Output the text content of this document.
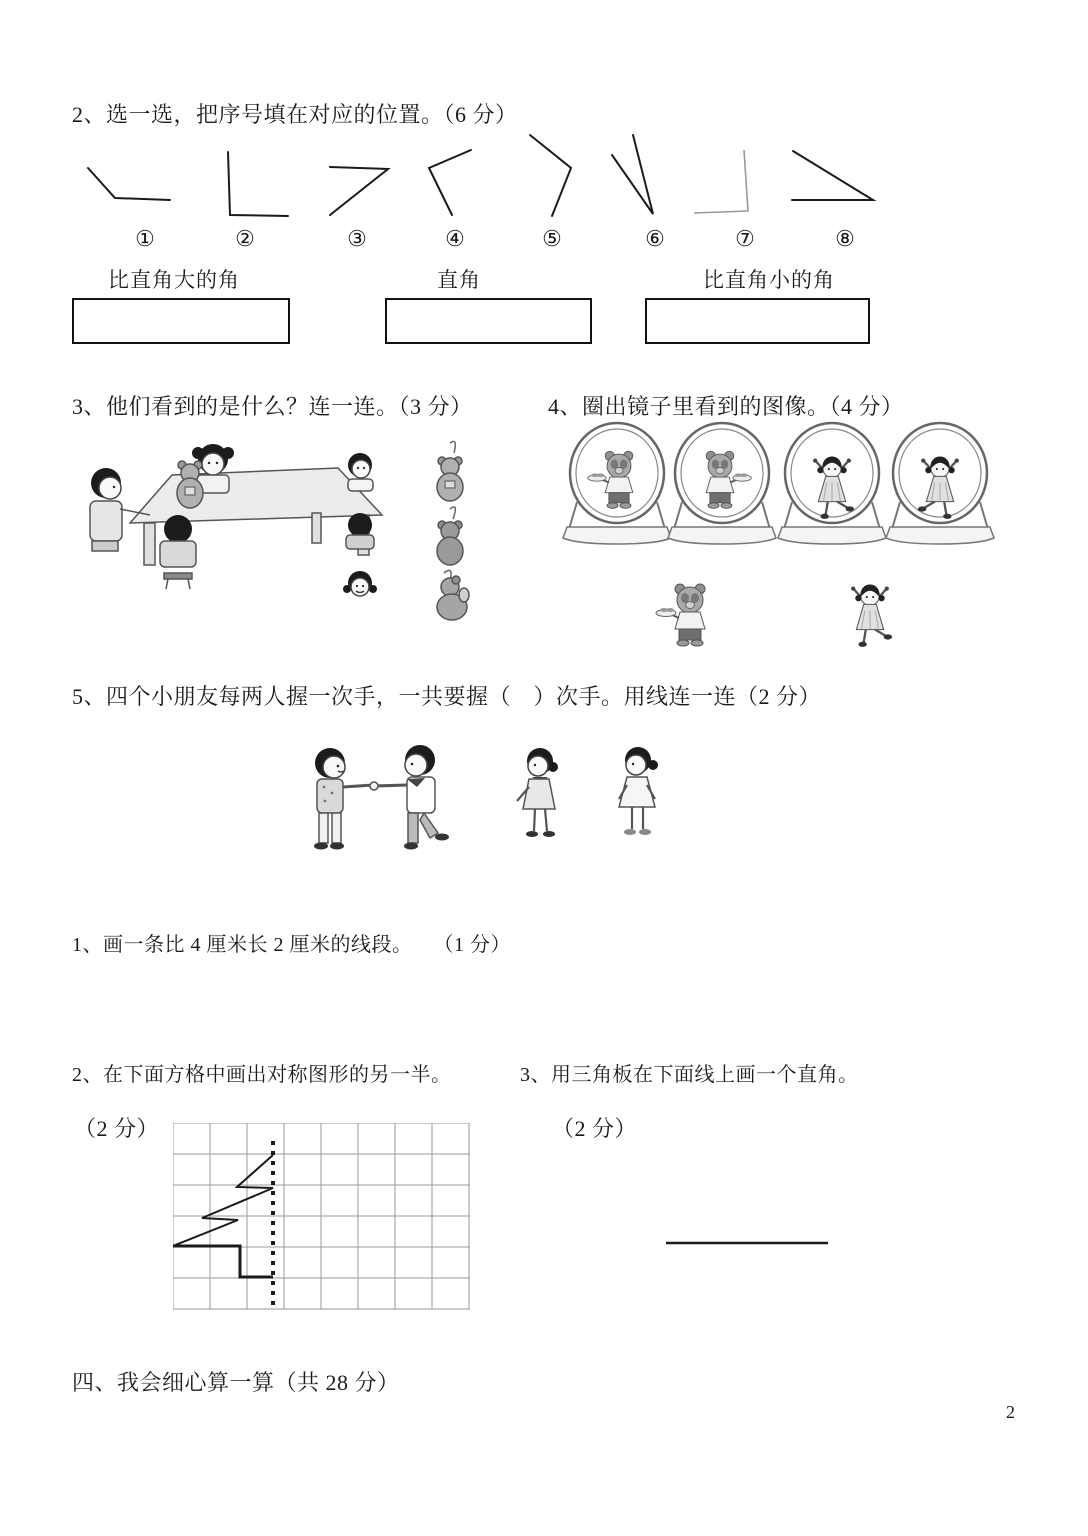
2、选一选，把序号填在对应的位置。（6 分）
①	②	③	④	⑤	⑥	⑦	⑧
比直角大的角	直角	比直角小的角
3、他们看到的是什么？连一连。（3 分）	4、圈出镜子里看到的图像。（4 分）
5、四个小朋友每两人握一次手，一共要握（　）次手。用线连一连（2 分）
1、画一条比 4 厘米长 2 厘米的线段。　　（1 分）
2、在下面方格中画出对称图形的另一半。	3、用三角板在下面线上画一个直角。
（2 分）	（2 分）
四、我会细心算一算（共 28 分）
2
